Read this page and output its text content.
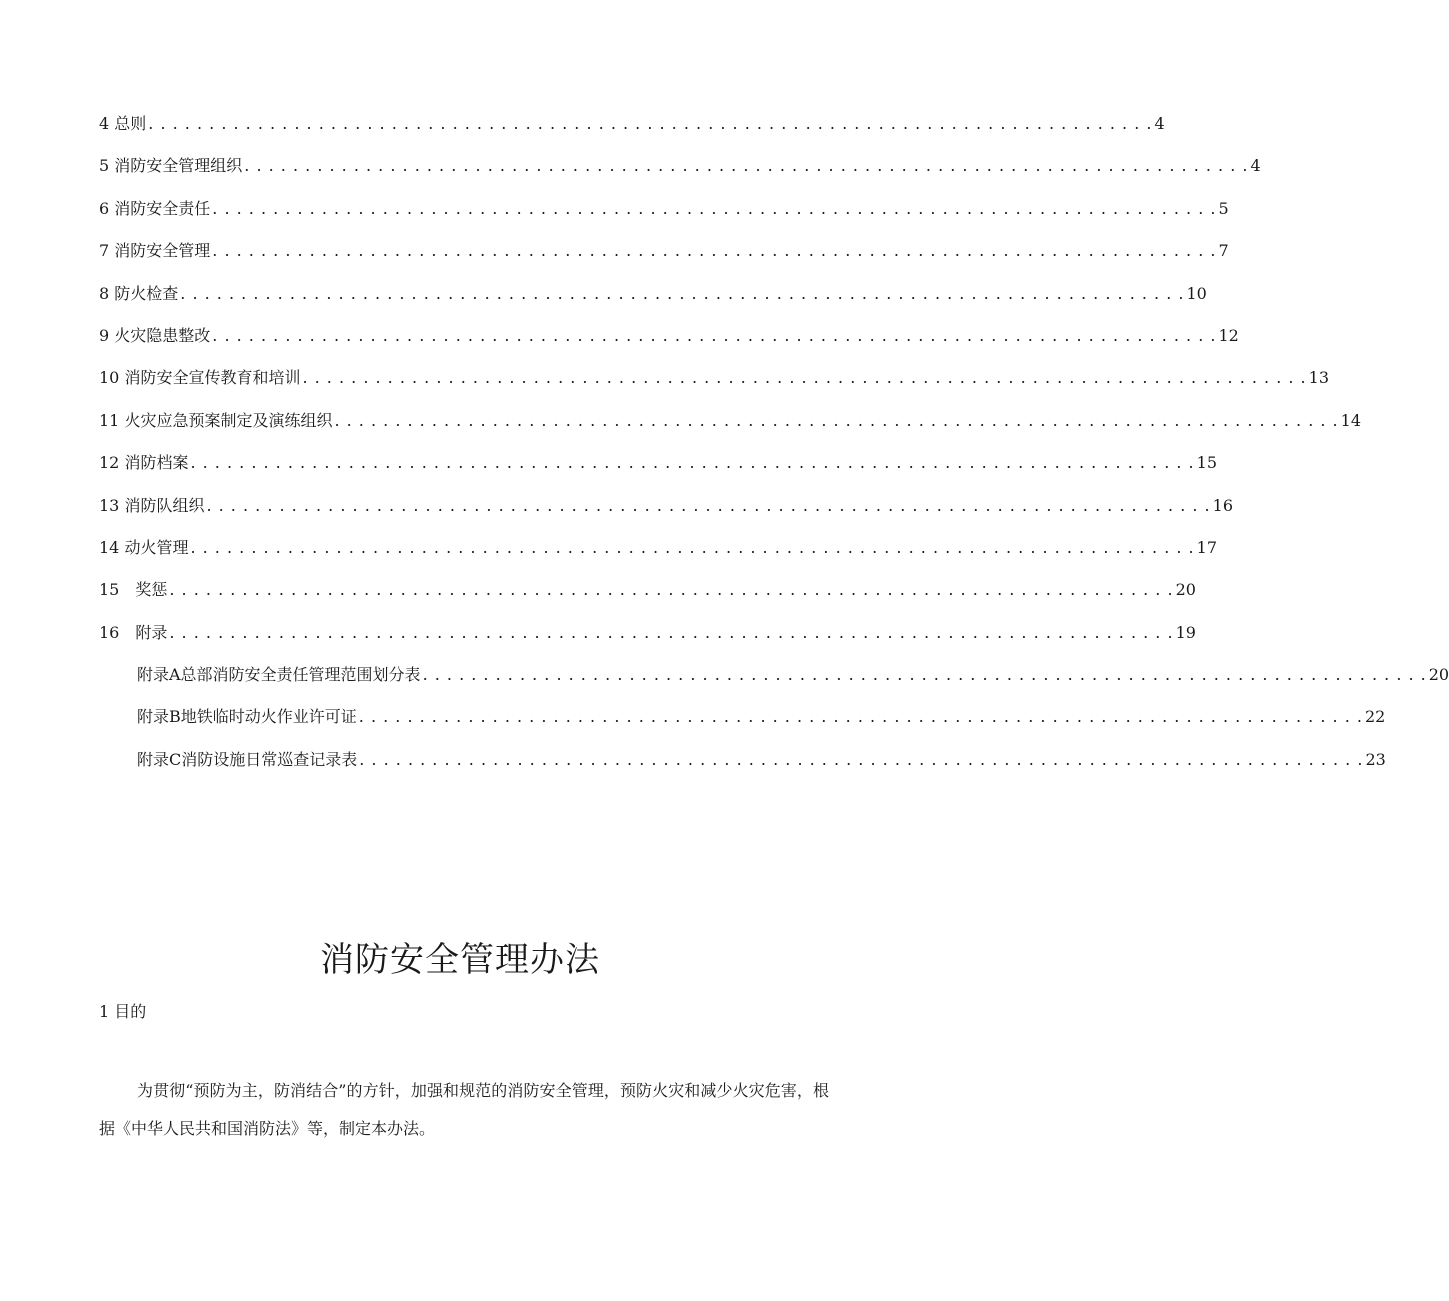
4 总则 . . . . . . . . . . . . . . . . . . . . . . . . . . . . . . . . . . . . . . . . . . . . . . . . . . . . . . . . . . . . . . . . . . . . . . . . . . . . . . . . . . . 4
5 消防安全管理组织 . . . . . . . . . . . . . . . . . . . . . . . . . . . . . . . . . . . . . . . . . . . . . . . . . . . . . . . . . . . . . . . . . . . . . . . . . . . . . . . . . . . 4
6 消防安全责任 . . . . . . . . . . . . . . . . . . . . . . . . . . . . . . . . . . . . . . . . . . . . . . . . . . . . . . . . . . . . . . . . . . . . . . . . . . . . . . . . . . . 5
7 消防安全管理 . . . . . . . . . . . . . . . . . . . . . . . . . . . . . . . . . . . . . . . . . . . . . . . . . . . . . . . . . . . . . . . . . . . . . . . . . . . . . . . . . . . 7
8 防火检查 . . . . . . . . . . . . . . . . . . . . . . . . . . . . . . . . . . . . . . . . . . . . . . . . . . . . . . . . . . . . . . . . . . . . . . . . . . . . . . . . . . . 10
9 火灾隐患整改 . . . . . . . . . . . . . . . . . . . . . . . . . . . . . . . . . . . . . . . . . . . . . . . . . . . . . . . . . . . . . . . . . . . . . . . . . . . . . . . . . . . 12
10 消防安全宣传教育和培训 . . . . . . . . . . . . . . . . . . . . . . . . . . . . . . . . . . . . . . . . . . . . . . . . . . . . . . . . . . . . . . . . . . . . . . . . . . . . . . . . . . . 13
11 火灾应急预案制定及演练组织 . . . . . . . . . . . . . . . . . . . . . . . . . . . . . . . . . . . . . . . . . . . . . . . . . . . . . . . . . . . . . . . . . . . . . . . . . . . . . . . . . . . 14
12 消防档案 . . . . . . . . . . . . . . . . . . . . . . . . . . . . . . . . . . . . . . . . . . . . . . . . . . . . . . . . . . . . . . . . . . . . . . . . . . . . . . . . . . . 15
13 消防队组织 . . . . . . . . . . . . . . . . . . . . . . . . . . . . . . . . . . . . . . . . . . . . . . . . . . . . . . . . . . . . . . . . . . . . . . . . . . . . . . . . . . . 16
14 动火管理 . . . . . . . . . . . . . . . . . . . . . . . . . . . . . . . . . . . . . . . . . . . . . . . . . . . . . . . . . . . . . . . . . . . . . . . . . . . . . . . . . . . 17
15　奖惩 . . . . . . . . . . . . . . . . . . . . . . . . . . . . . . . . . . . . . . . . . . . . . . . . . . . . . . . . . . . . . . . . . . . . . . . . . . . . . . . . . . . 20
16　附录 . . . . . . . . . . . . . . . . . . . . . . . . . . . . . . . . . . . . . . . . . . . . . . . . . . . . . . . . . . . . . . . . . . . . . . . . . . . . . . . . . . . 19
附录A总部消防安全责任管理范围划分表 . . . . . . . . . . . . . . . . . . . . . . . . . . . . . . . . . . . . . . . . . . . . . . . . . . . . . . . . . . . . . . . . . . . . . . . . . . . . . . . . . . . 20
附录B地铁临时动火作业许可证 . . . . . . . . . . . . . . . . . . . . . . . . . . . . . . . . . . . . . . . . . . . . . . . . . . . . . . . . . . . . . . . . . . . . . . . . . . . . . . . . . . . 22
附录C消防设施日常巡查记录表 . . . . . . . . . . . . . . . . . . . . . . . . . . . . . . . . . . . . . . . . . . . . . . . . . . . . . . . . . . . . . . . . . . . . . . . . . . . . . . . . . . . 23
消防安全管理办法
1 目的

为贯彻“预防为主，防消结合”的方针，加强和规范的消防安全管理，预防火灾和减少火灾危害，根据《中华人民共和国消防法》等，制定本办法。
